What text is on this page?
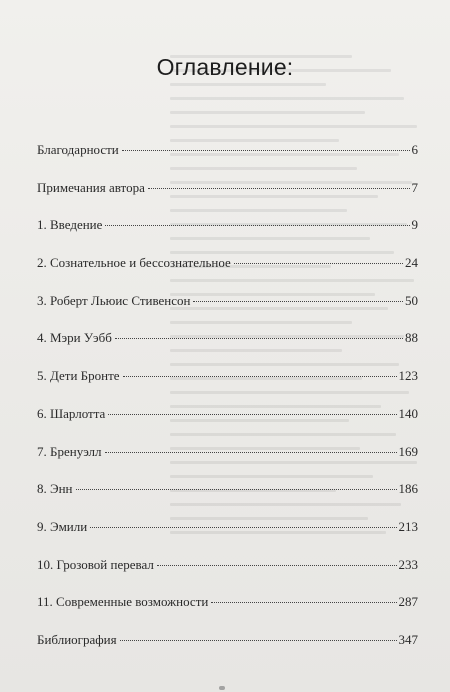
Оглавление:
Благодарности	6
Примечания автора	7
1. Введение	9
2. Сознательное и бессознательное	24
3. Роберт Льюис Стивенсон	50
4. Мэри Уэбб	88
5. Дети Бронте	123
6. Шарлотта	140
7. Бренуэлл	169
8. Энн	186
9. Эмили	213
10. Грозовой перевал	233
11. Современные возможности	287
Библиография	347
